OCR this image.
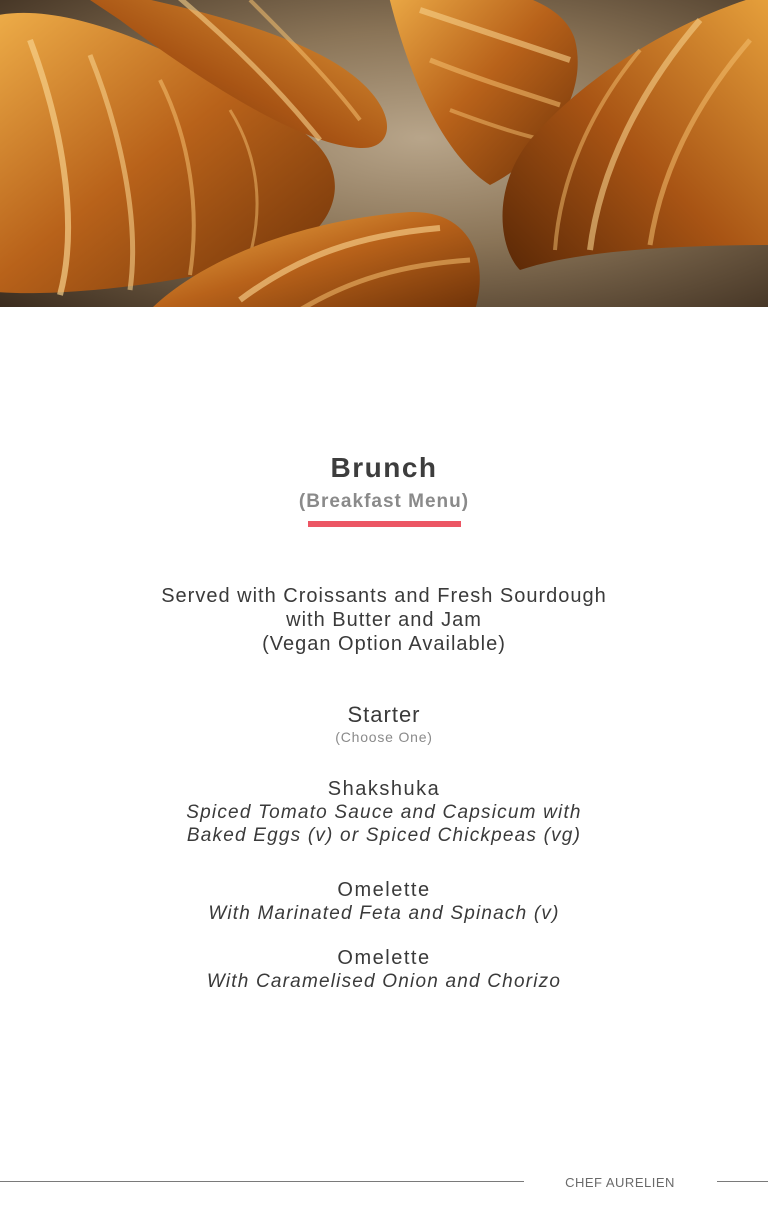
Brunch
(Breakfast Menu)
Served with Croissants and Fresh Sourdough
with Butter and Jam
(Vegan Option Available)
Starter
(Choose One)
Shakshuka
Spiced Tomato Sauce and Capsicum with
Baked Eggs (v) or Spiced Chickpeas (vg)
Omelette
With Marinated Feta and Spinach (v)
Omelette
With Caramelised Onion and Chorizo
CHEF AURELIEN
